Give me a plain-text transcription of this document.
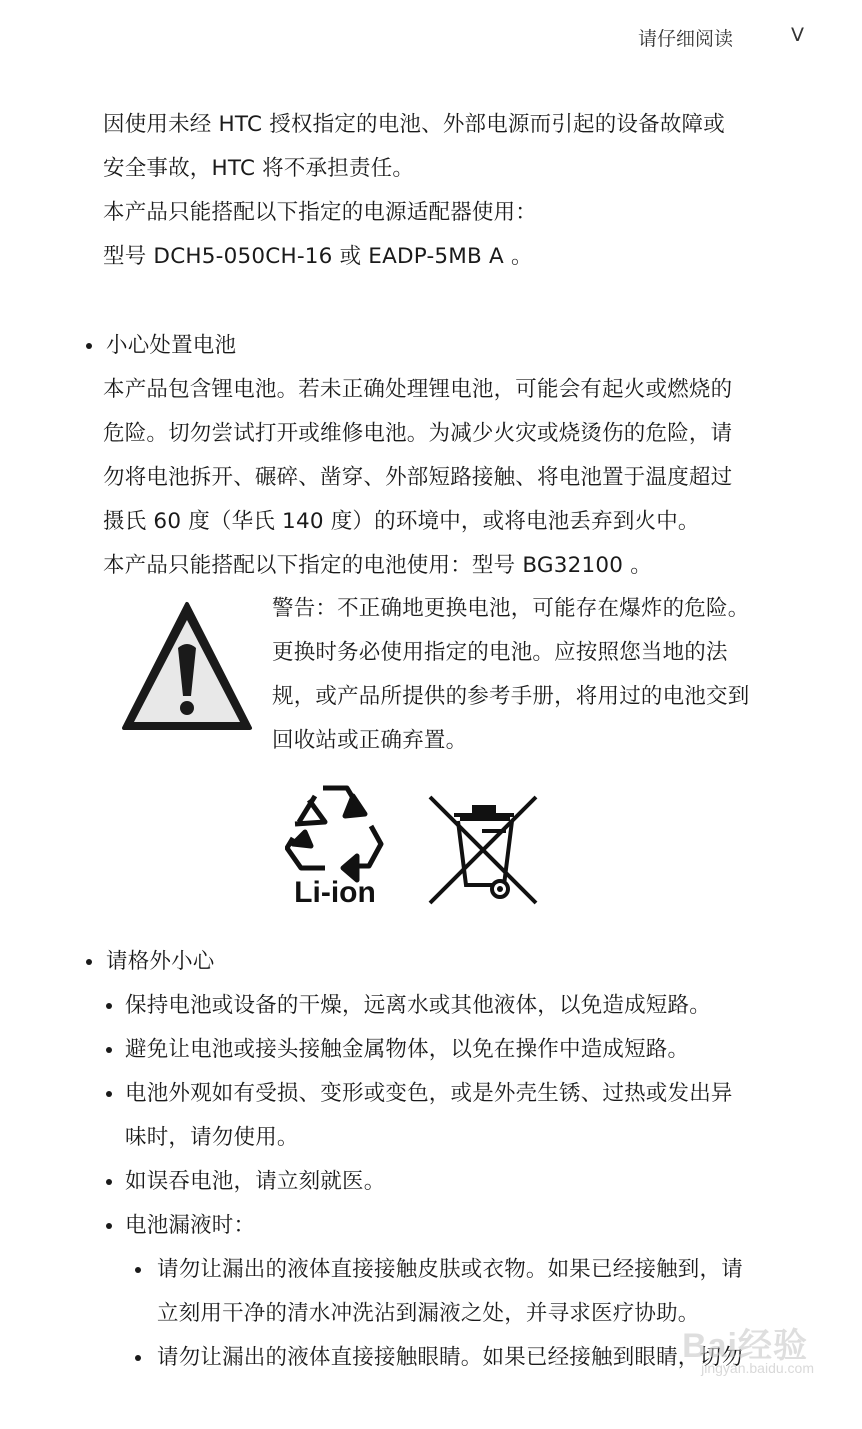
请仔细阅读	V
因使用未经 HTC 授权指定的电池、外部电源而引起的设备故障或
安全事故，HTC 将不承担责任。
本产品只能搭配以下指定的电源适配器使用：
型号 DCH5-050CH-16 或 EADP-5MB A 。
小心处置电池
本产品包含锂电池。若未正确处理锂电池，可能会有起火或燃烧的
危险。切勿尝试打开或维修电池。为减少火灾或烧烫伤的危险，请
勿将电池拆开、碾碎、凿穿、外部短路接触、将电池置于温度超过
摄氏 60 度（华氏 140 度）的环境中，或将电池丢弃到火中。
本产品只能搭配以下指定的电池使用：型号 BG32100 。
警告：不正确地更换电池，可能存在爆炸的危险。
更换时务必使用指定的电池。应按照您当地的法
规，或产品所提供的参考手册，将用过的电池交到
回收站或正确弃置。
Li-ion
请格外小心
保持电池或设备的干燥，远离水或其他液体，以免造成短路。
避免让电池或接头接触金属物体，以免在操作中造成短路。
电池外观如有受损、变形或变色，或是外壳生锈、过热或发出异
味时，请勿使用。
如误吞电池，请立刻就医。
电池漏液时：
请勿让漏出的液体直接接触皮肤或衣物。如果已经接触到，请
立刻用干净的清水冲洗沾到漏液之处，并寻求医疗协助。
请勿让漏出的液体直接接触眼睛。如果已经接触到眼睛，切勿
Bai经验
jingyan.baidu.com
